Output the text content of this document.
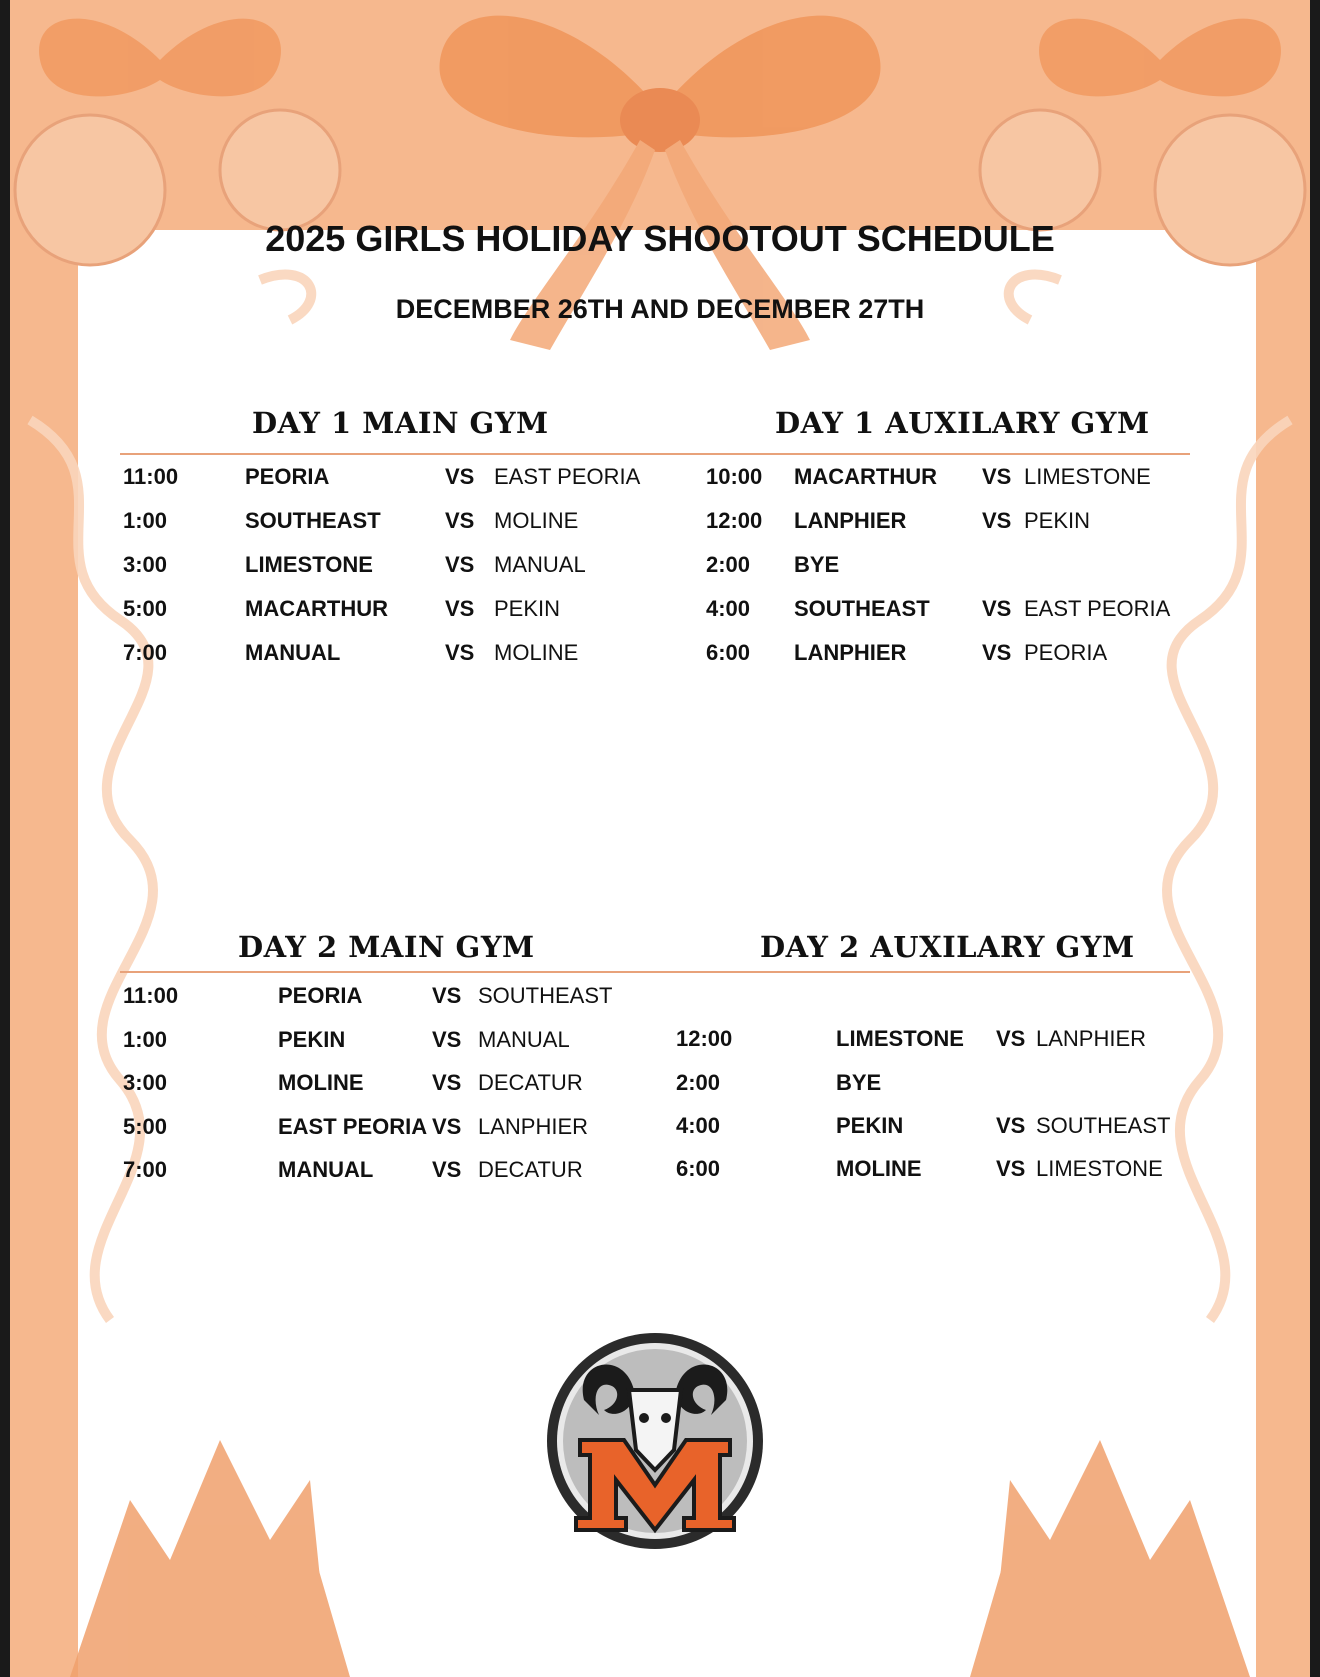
2025 GIRLS HOLIDAY SHOOTOUT SCHEDULE
DECEMBER 26TH AND DECEMBER 27TH
DAY 1 MAIN GYM	DAY 1 AUXILARY GYM
11:00	PEORIA	VS EAST PEORIA
1:00	SOUTHEAST	VS MOLINE
3:00	LIMESTONE	VS MANUAL
5:00	MACARTHUR	VS PEKIN
7:00	MANUAL	VS MOLINE
10:00 MACARTHUR VS LIMESTONE
12:00 LANPHIER	VS PEKIN
2:00 BYE
4:00 SOUTHEAST VS EAST PEORIA
6:00 LANPHIER	VS PEORIA
DAY 2 MAIN GYM	DAY 2 AUXILARY GYM
11:00	PEORIA	VS SOUTHEAST
1:00	PEKIN	VS MANUAL
3:00	MOLINE	VS DECATUR
5:00	EAST PEORIA VS LANPHIER
7:00	MANUAL	VS DECATUR
12:00	LIMESTONE VS LANPHIER
2:00	BYE
4:00	PEKIN	VS SOUTHEAST
6:00	MOLINE	VS LIMESTONE
